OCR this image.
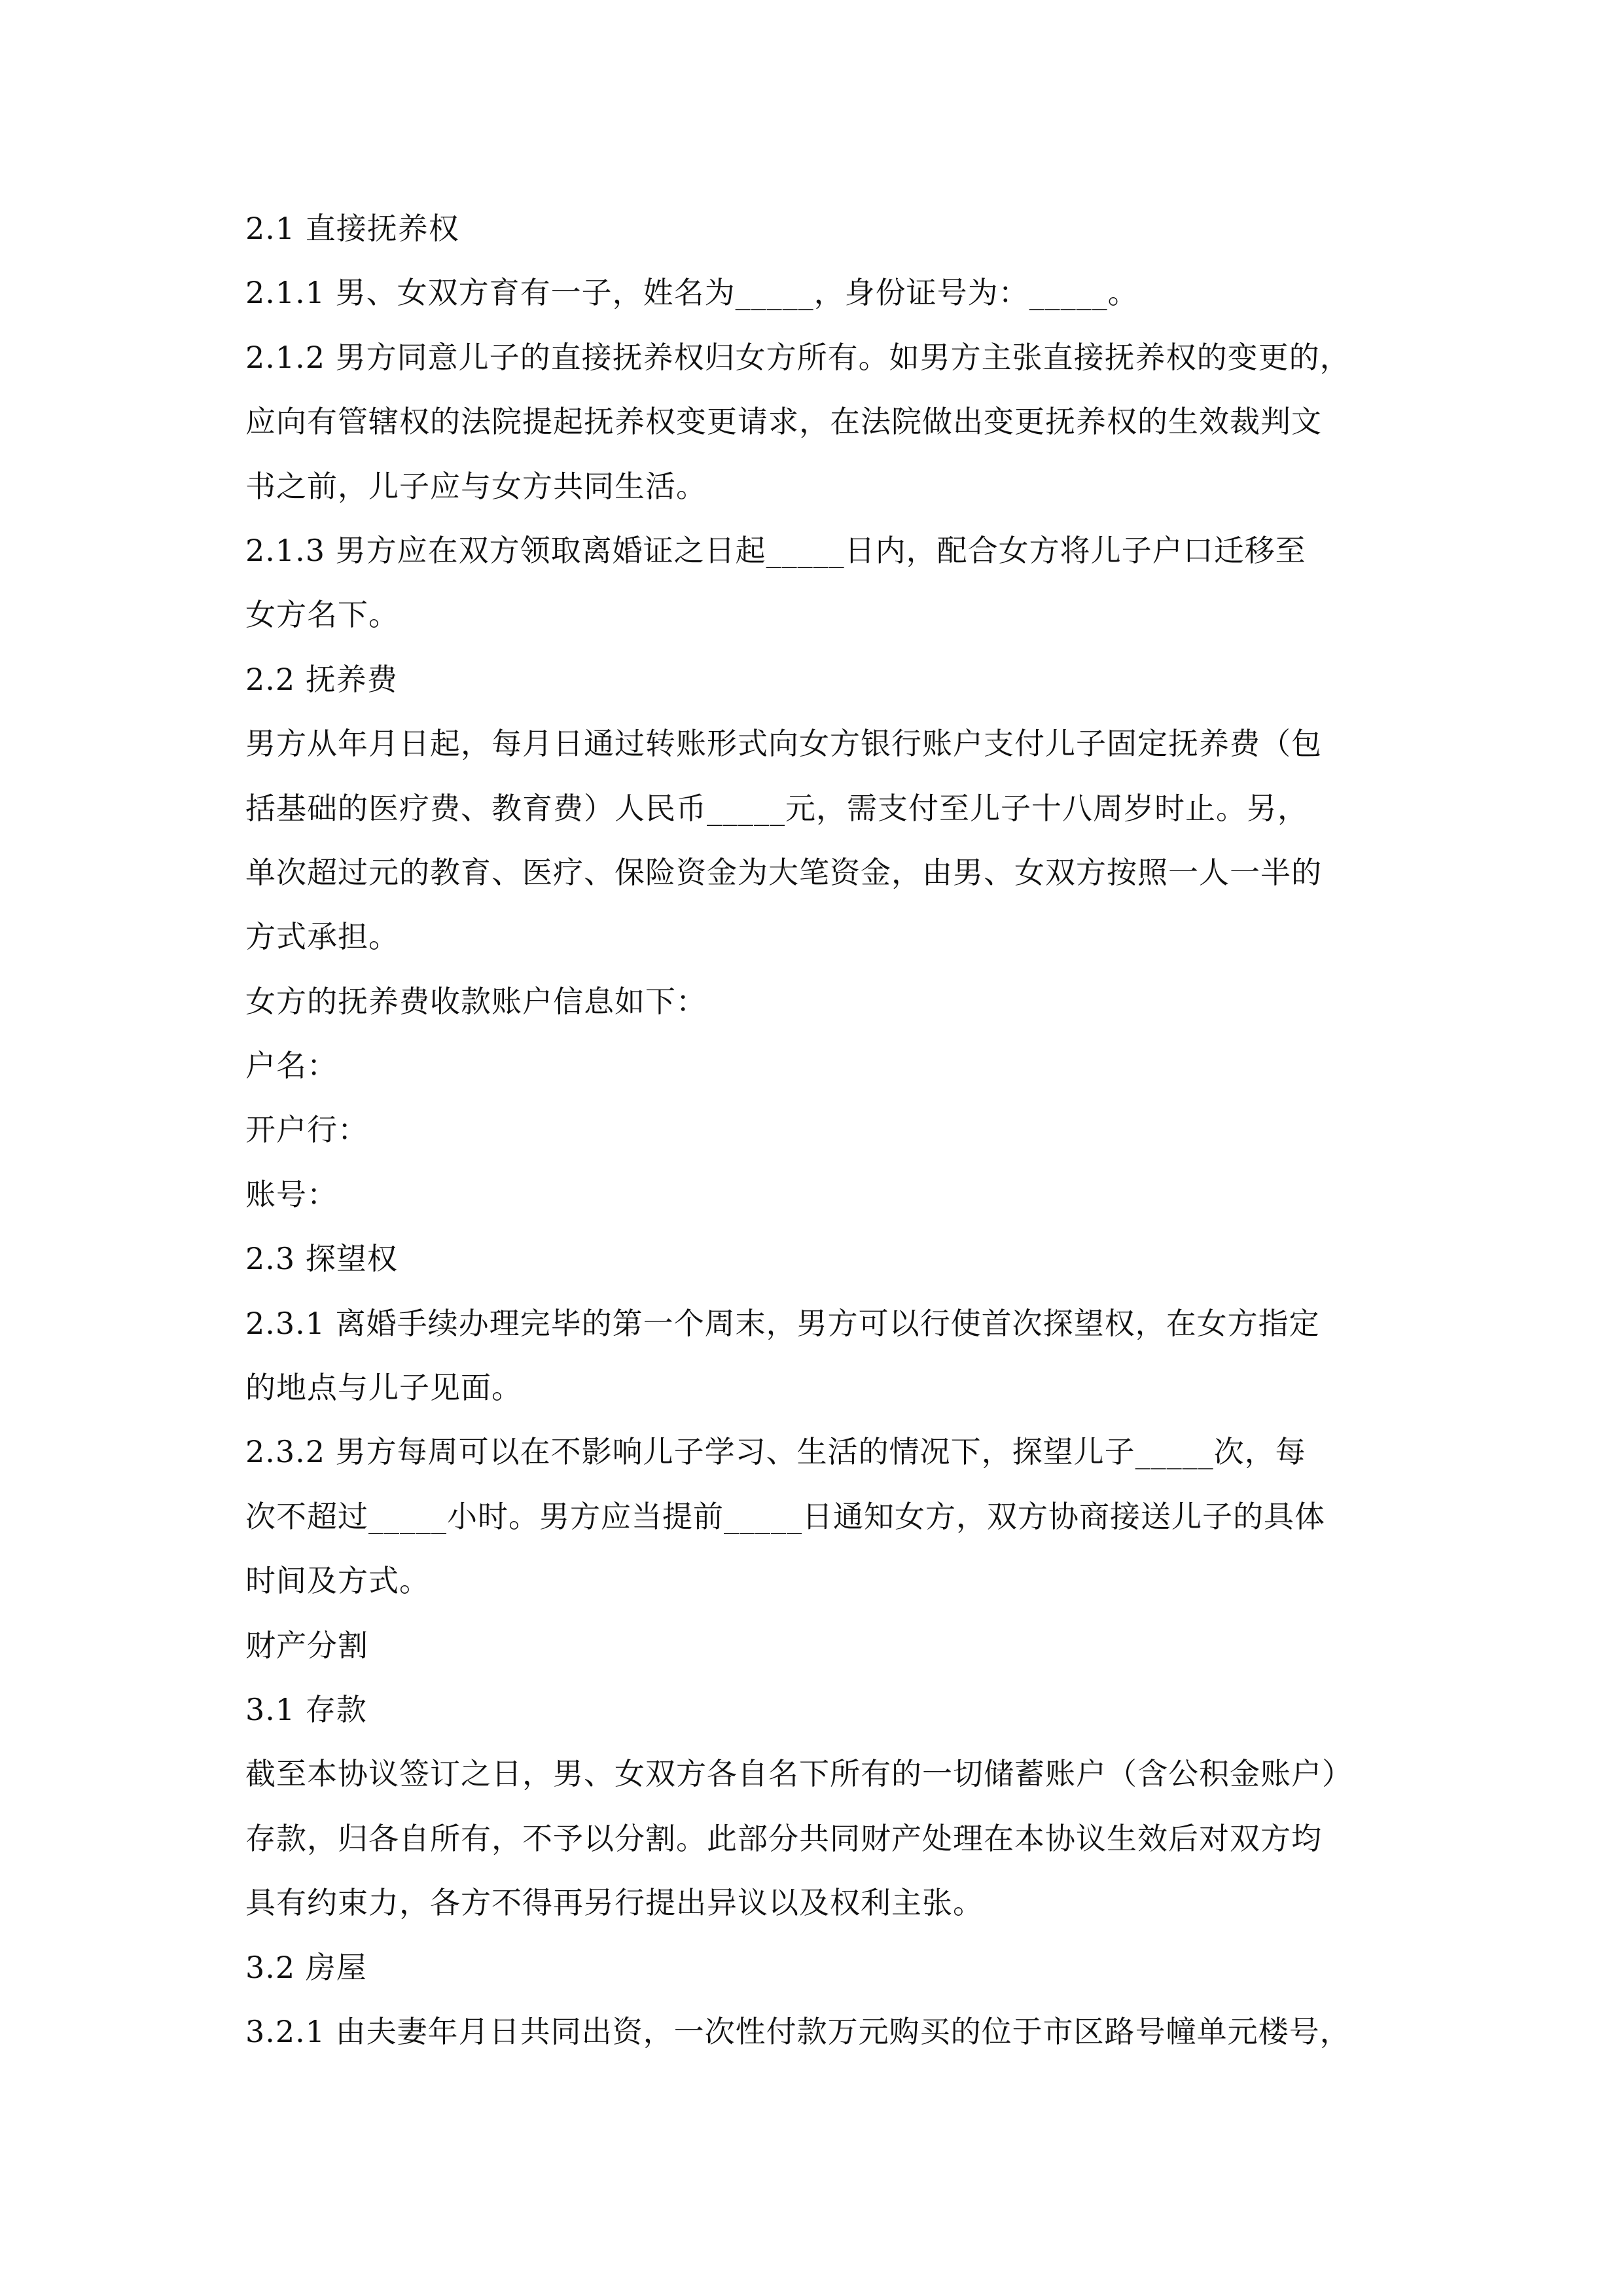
2.1 直接抚养权
2.1.1 男、女双方育有一子，姓名为_____，身份证号为：_____。
2.1.2 男方同意儿子的直接抚养权归女方所有。如男方主张直接抚养权的变更的，
应向有管辖权的法院提起抚养权变更请求，在法院做出变更抚养权的生效裁判文
书之前，儿子应与女方共同生活。
2.1.3 男方应在双方领取离婚证之日起_____日内，配合女方将儿子户口迁移至
女方名下。
2.2 抚养费
男方从年月日起，每月日通过转账形式向女方银行账户支付儿子固定抚养费（包
括基础的医疗费、教育费）人民币_____元，需支付至儿子十八周岁时止。另，
单次超过元的教育、医疗、保险资金为大笔资金，由男、女双方按照一人一半的
方式承担。
女方的抚养费收款账户信息如下：
户名：
开户行：
账号：
2.3 探望权
2.3.1 离婚手续办理完毕的第一个周末，男方可以行使首次探望权，在女方指定
的地点与儿子见面。
2.3.2 男方每周可以在不影响儿子学习、生活的情况下，探望儿子_____次，每
次不超过_____小时。男方应当提前_____日通知女方，双方协商接送儿子的具体
时间及方式。
财产分割
3.1 存款
截至本协议签订之日，男、女双方各自名下所有的一切储蓄账户（含公积金账户）
存款，归各自所有，不予以分割。此部分共同财产处理在本协议生效后对双方均
具有约束力，各方不得再另行提出异议以及权利主张。
3.2 房屋
3.2.1 由夫妻年月日共同出资，一次性付款万元购买的位于市区路号幢单元楼号，
